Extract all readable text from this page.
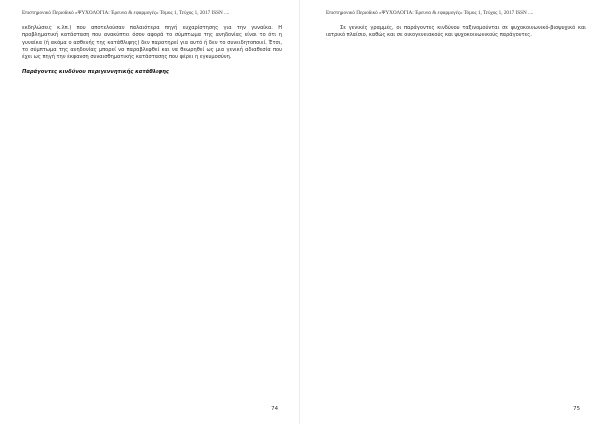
Επιστημονικό Περιοδικό «ΨΥΧΟΛΟΓΙΑ: Έρευνα & εφαρμογές» Τόμος 1, Τεύχος 1, 2017 ISSN ....

εκδηλώσεις κ.λπ.) που αποτελούσαν παλαιότερα πηγή ευχαρίστησης για την γυναίκα. Η προβληματική κατάσταση που ανακύπτει όσον αφορά το σύμπτωμα της ανηδονίας είναι το ότι η γυναίκα (ή ακόμα ο ασθενής της κατάθλιψης) δεν παρατηρεί για αυτό ή δεν το συνειδητοποιεί. Έτσι, το σύμπτωμα της ανηδονίας μπορεί να παραβλεφθεί και να θεωρηθεί ως μια γενική αδιαθεσία που έχει ως πηγή την έκφανση συναισθηματικής κατάστασης που φέρει η εγκυμοσύνη.

Παράγοντες κινδύνου περιγεννητικής κατάθλιψης
74
Επιστημονικό Περιοδικό «ΨΥΧΟΛΟΓΙΑ: Έρευνα & εφαρμογές» Τόμος 1, Τεύχος 1, 2017 ISSN ....

Σε γενικές γραμμές, οι παράγοντες κινδύνου ταξινομούνται σε ψυχοκοινωνικό-βιοψυχικό και ιατρικό πλαίσιο, καθώς και σε οικογενειακούς και ψυχοκοινωνικούς παράγοντες.

75
